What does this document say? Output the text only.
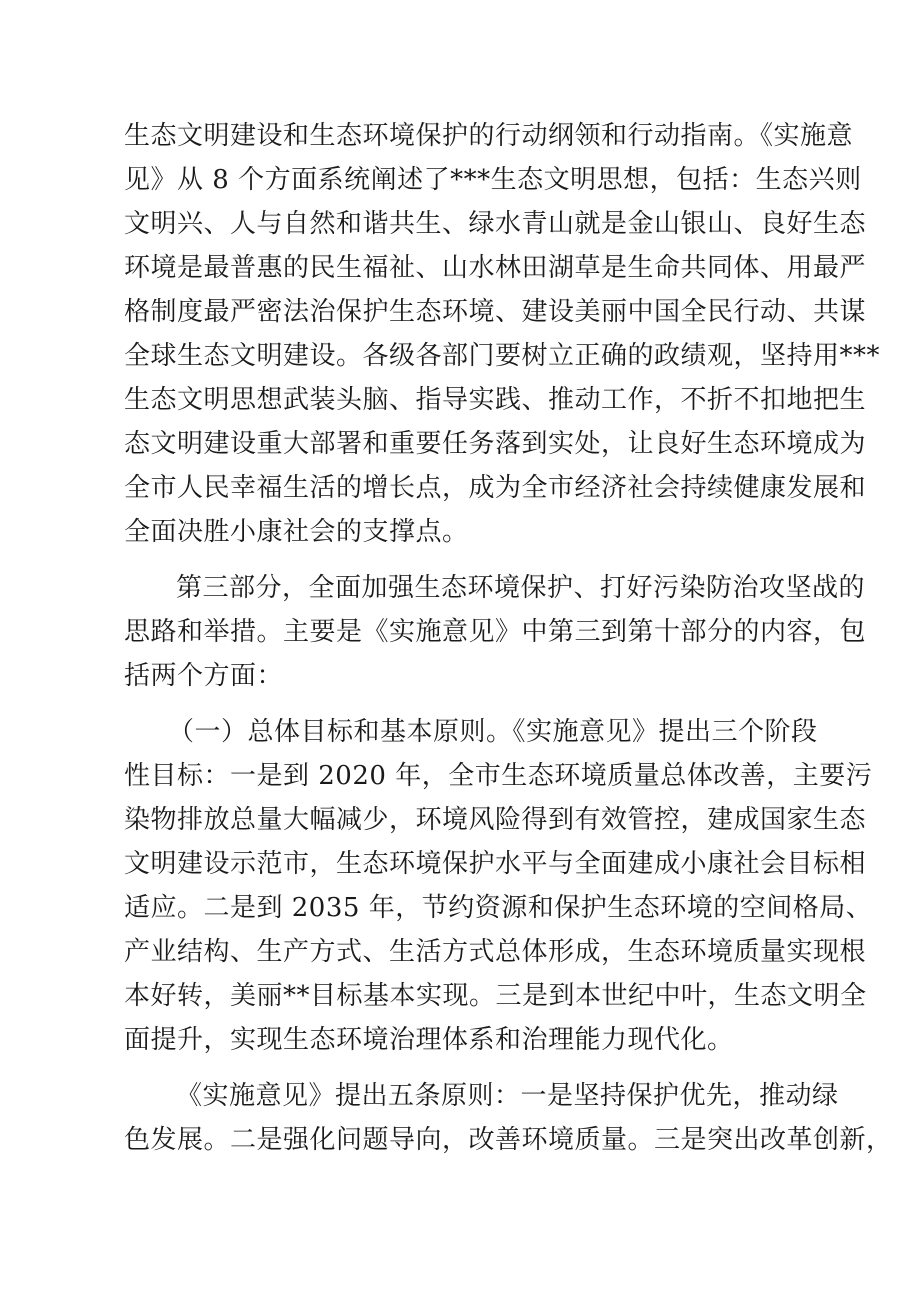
生态文明建设和生态环境保护的行动纲领和行动指南。《实施意
见》从 8 个方面系统阐述了***生态文明思想，包括：生态兴则
文明兴、人与自然和谐共生、绿水青山就是金山银山、良好生态
环境是最普惠的民生福祉、山水林田湖草是生命共同体、用最严
格制度最严密法治保护生态环境、建设美丽中国全民行动、共谋
全球生态文明建设。各级各部门要树立正确的政绩观，坚持用***
生态文明思想武装头脑、指导实践、推动工作，不折不扣地把生
态文明建设重大部署和重要任务落到实处，让良好生态环境成为
全市人民幸福生活的增长点，成为全市经济社会持续健康发展和
全面决胜小康社会的支撑点。
第三部分，全面加强生态环境保护、打好污染防治攻坚战的
思路和举措。主要是《实施意见》中第三到第十部分的内容，包
括两个方面：
（一）总体目标和基本原则。《实施意见》提出三个阶段
性目标：一是到 2020 年，全市生态环境质量总体改善，主要污
染物排放总量大幅减少，环境风险得到有效管控，建成国家生态
文明建设示范市，生态环境保护水平与全面建成小康社会目标相
适应。二是到 2035 年，节约资源和保护生态环境的空间格局、
产业结构、生产方式、生活方式总体形成，生态环境质量实现根
本好转，美丽**目标基本实现。三是到本世纪中叶，生态文明全
面提升，实现生态环境治理体系和治理能力现代化。
《实施意见》提出五条原则：一是坚持保护优先，推动绿
色发展。二是强化问题导向，改善环境质量。三是突出改革创新，
